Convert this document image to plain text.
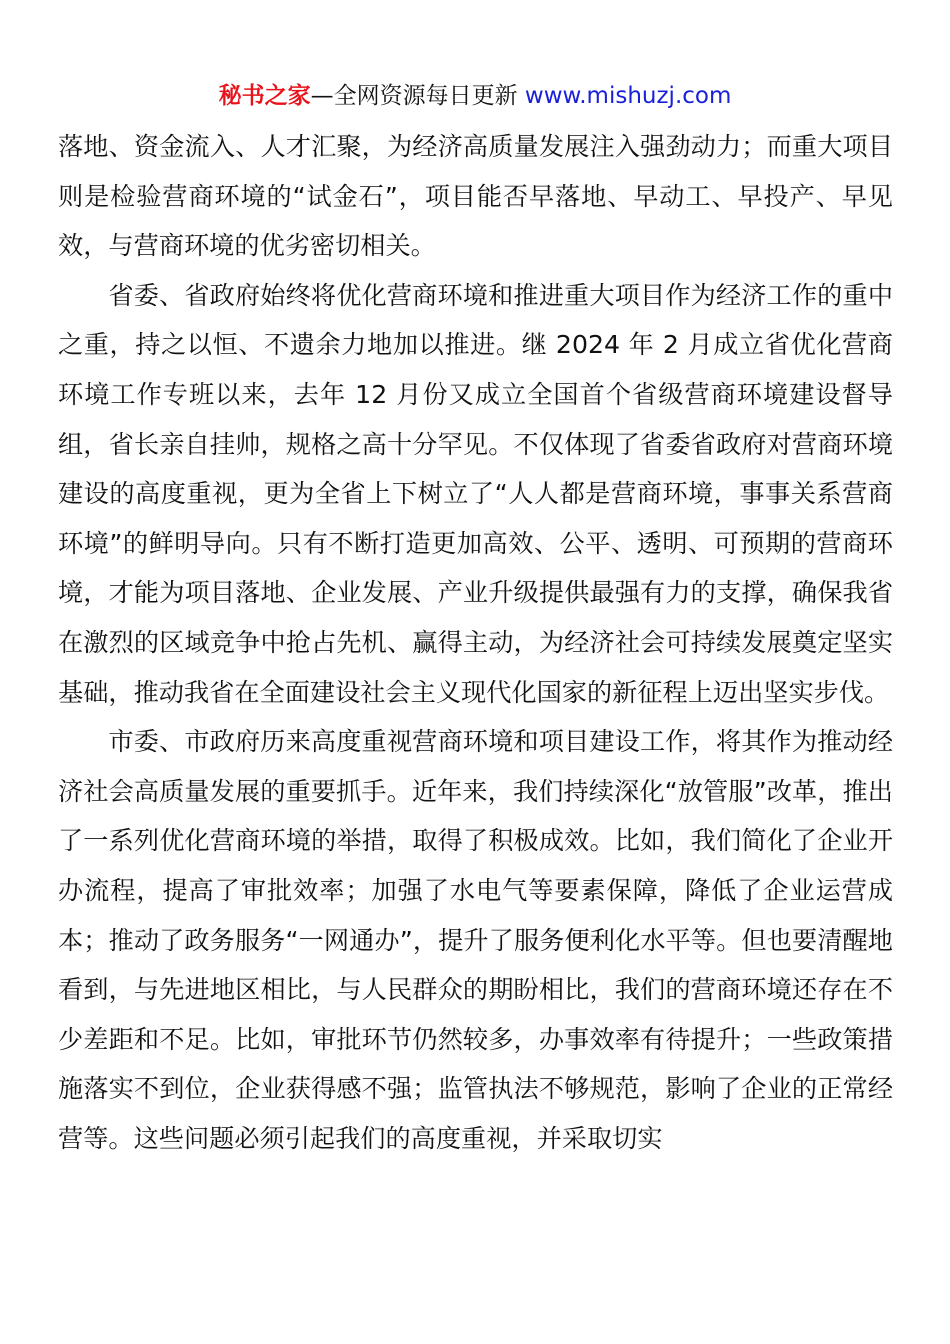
秘书之家—全网资源每日更新 www.mishuzj.com

落地、资金流入、人才汇聚，为经济高质量发展注入强劲动力；而重大项目则是检验营商环境的“试金石”，项目能否早落地、早动工、早投产、早见效，与营商环境的优劣密切相关。

省委、省政府始终将优化营商环境和推进重大项目作为经济工作的重中之重，持之以恒、不遗余力地加以推进。继 2024 年 2 月成立省优化营商环境工作专班以来，去年 12 月份又成立全国首个省级营商环境建设督导组，省长亲自挂帅，规格之高十分罕见。不仅体现了省委省政府对营商环境建设的高度重视，更为全省上下树立了“人人都是营商环境，事事关系营商环境”的鲜明导向。只有不断打造更加高效、公平、透明、可预期的营商环境，才能为项目落地、企业发展、产业升级提供最强有力的支撑，确保我省在激烈的区域竞争中抢占先机、赢得主动，为经济社会可持续发展奠定坚实基础，推动我省在全面建设社会主义现代化国家的新征程上迈出坚实步伐。

市委、市政府历来高度重视营商环境和项目建设工作，将其作为推动经济社会高质量发展的重要抓手。近年来，我们持续深化“放管服”改革，推出了一系列优化营商环境的举措，取得了积极成效。比如，我们简化了企业开办流程，提高了审批效率；加强了水电气等要素保障，降低了企业运营成本；推动了政务服务“一网通办”，提升了服务便利化水平等。但也要清醒地看到，与先进地区相比，与人民群众的期盼相比，我们的营商环境还存在不少差距和不足。比如，审批环节仍然较多，办事效率有待提升；一些政策措施落实不到位，企业获得感不强；监管执法不够规范，影响了企业的正常经营等。这些问题必须引起我们的高度重视，并采取切实
